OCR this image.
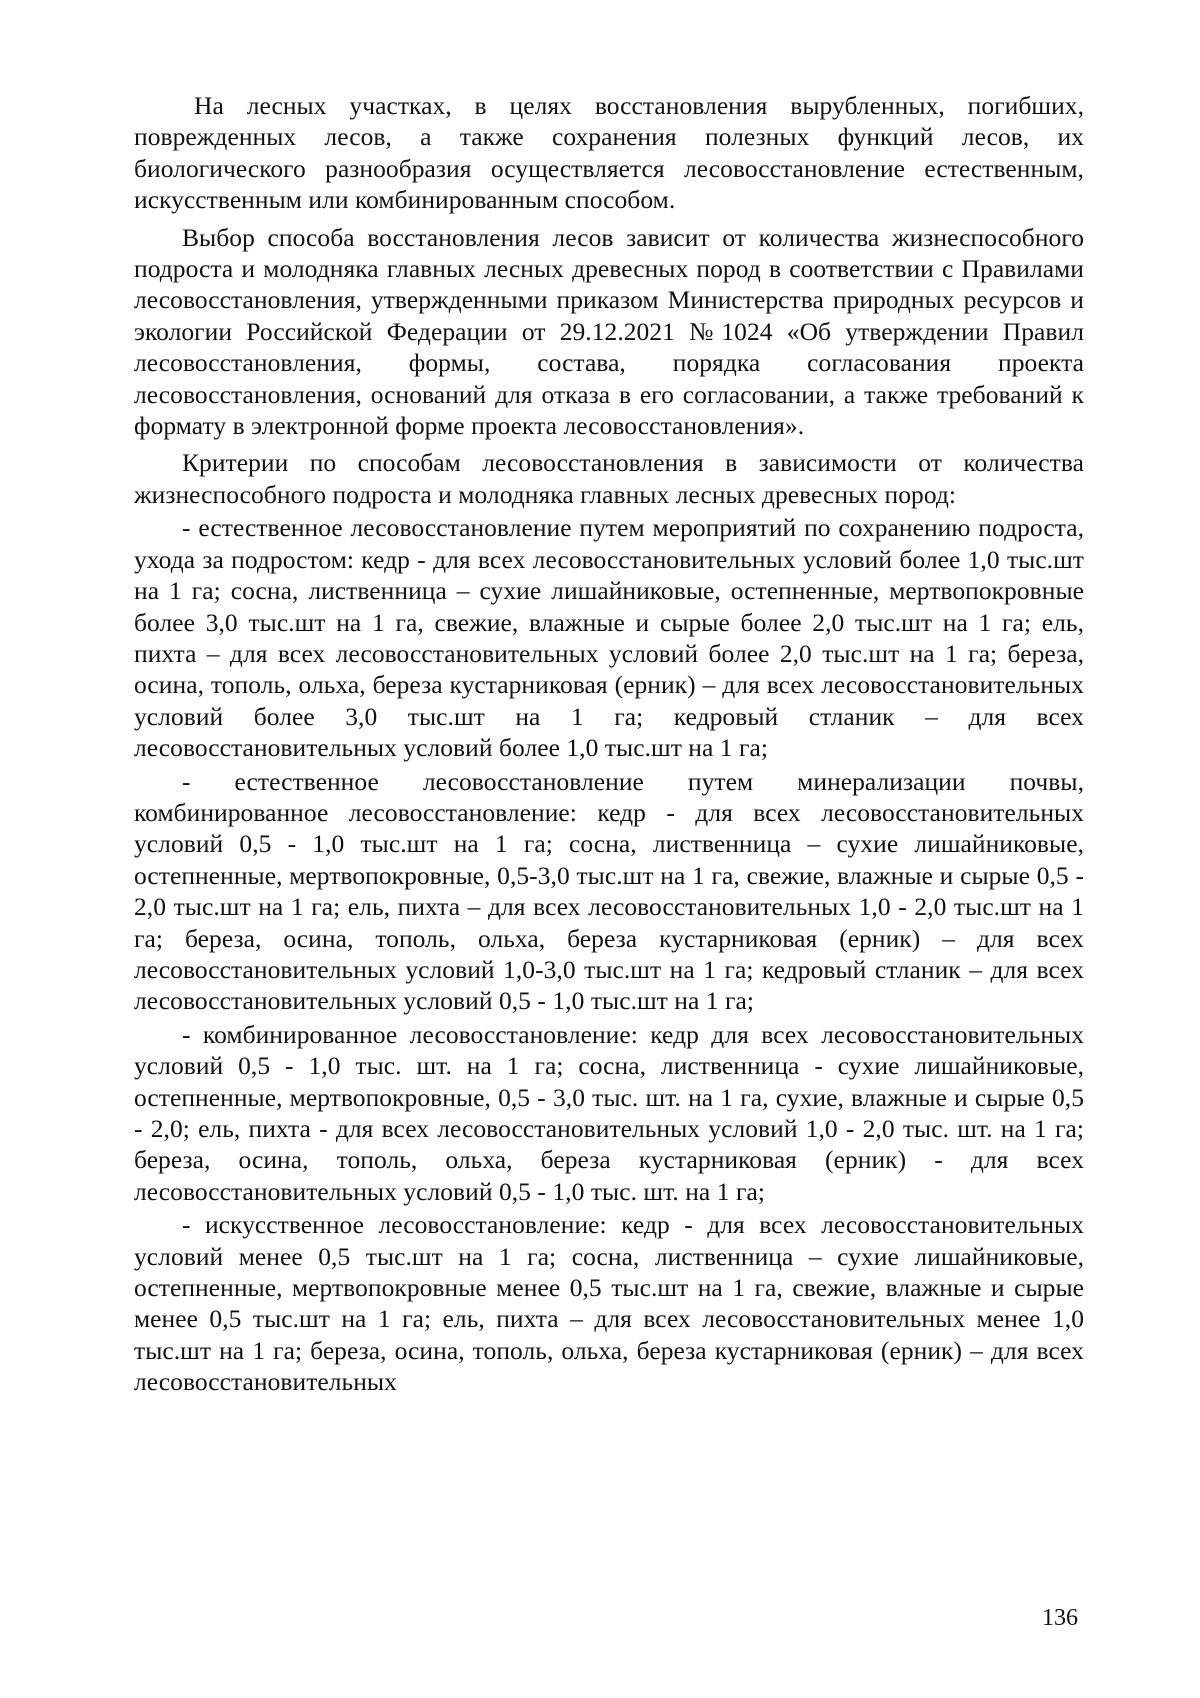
На лесных участках, в целях восстановления вырубленных, погибших, поврежденных лесов, а также сохранения полезных функций лесов, их биологического разнообразия осуществляется лесовосстановление естественным, искусственным или комбинированным способом.

Выбор способа восстановления лесов зависит от количества жизнеспособного подроста и молодняка главных лесных древесных пород в соответствии с Правилами лесовосстановления, утвержденными приказом Министерства природных ресурсов и экологии Российской Федерации от 29.12.2021 №1024 «Об утверждении Правил лесовосстановления, формы, состава, порядка согласования проекта лесовосстановления, оснований для отказа в его согласовании, а также требований к формату в электронной форме проекта лесовосстановления».

Критерии по способам лесовосстановления в зависимости от количества жизнеспособного подроста и молодняка главных лесных древесных пород:

- естественное лесовосстановление путем мероприятий по сохранению подроста, ухода за подростом: кедр - для всех лесовосстановительных условий более 1,0 тыс.шт на 1 га; сосна, лиственница – сухие лишайниковые, остепненные, мертвопокровные более 3,0 тыс.шт на 1 га, свежие, влажные и сырые более 2,0 тыс.шт на 1 га; ель, пихта – для всех лесовосстановительных условий более 2,0 тыс.шт на 1 га; береза, осина, тополь, ольха, береза кустарниковая (ерник) – для всех лесовосстановительных условий более 3,0 тыс.шт на 1 га; кедровый стланик – для всех лесовосстановительных условий более 1,0 тыс.шт на 1 га;

- естественное лесовосстановление путем минерализации почвы, комбинированное лесовосстановление: кедр - для всех лесовосстановительных условий 0,5 - 1,0 тыс.шт на 1 га; сосна, лиственница – сухие лишайниковые, остепненные, мертвопокровные, 0,5-3,0 тыс.шт на 1 га, свежие, влажные и сырые 0,5 - 2,0 тыс.шт на 1 га; ель, пихта – для всех лесовосстановительных 1,0 - 2,0 тыс.шт на 1 га; береза, осина, тополь, ольха, береза кустарниковая (ерник) – для всех лесовосстановительных условий 1,0-3,0 тыс.шт на 1 га; кедровый стланик – для всех лесовосстановительных условий 0,5 - 1,0 тыс.шт на 1 га;

- комбинированное лесовосстановление: кедр для всех лесовосстановительных условий 0,5 - 1,0 тыс. шт. на 1 га; сосна, лиственница - сухие лишайниковые, остепненные, мертвопокровные, 0,5 - 3,0 тыс. шт. на 1 га, сухие, влажные и сырые 0,5 - 2,0; ель, пихта - для всех лесовосстановительных условий 1,0 - 2,0 тыс. шт. на 1 га; береза, осина, тополь, ольха, береза кустарниковая (ерник) - для всех лесовосстановительных условий 0,5 - 1,0 тыс. шт. на 1 га;

- искусственное лесовосстановление: кедр - для всех лесовосстановительных условий менее 0,5 тыс.шт на 1 га; сосна, лиственница – сухие лишайниковые, остепненные, мертвопокровные менее 0,5 тыс.шт на 1 га, свежие, влажные и сырые менее 0,5 тыс.шт на 1 га; ель, пихта – для всех лесовосстановительных менее 1,0 тыс.шт на 1 га; береза, осина, тополь, ольха, береза кустарниковая (ерник) – для всех лесовосстановительных

136
